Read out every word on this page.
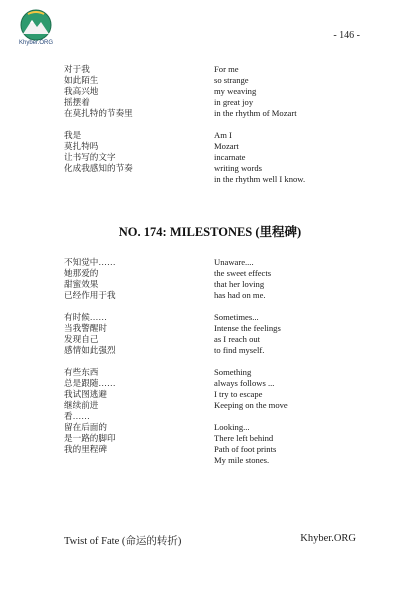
Khyber.ORG
- 146 -
对于我
如此陌生
我高兴地
摇摆着
在莫扎特的节奏里
我是
莫扎特吗
让书写的文字
化成我感知的节奏
For me
so strange
my weaving
in great joy
in the rhythm of Mozart
Am I
Mozart
incarnate
writing words
in the rhythm well I know.
NO. 174: MILESTONES (里程碑)
不知觉中……
她那爱的
甜蜜效果
已经作用于我
有时候……
当我警醒时
发现自己
感情如此强烈
有些东西
总是跟随……
我试图逃避
继续前进
看……
留在后面的
是一路的脚印
我的里程碑
Unaware....
the sweet effects
that her loving
has had on me.
Sometimes...
Intense the feelings
as I reach out
to find myself.
Something
always follows ...
I try to escape
Keeping on the move
Looking...
There left behind
Path of foot prints
My mile stones.
Twist of Fate (命运的转折)	Khyber.ORG
